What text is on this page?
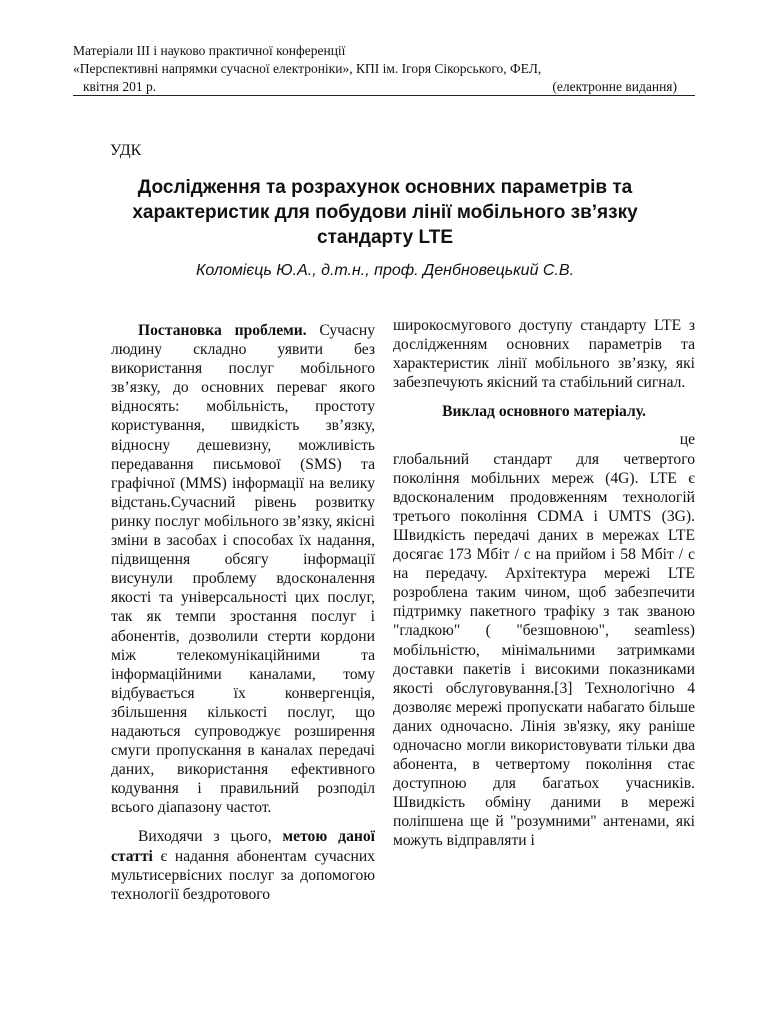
Матеріали ІІІ і науково практичної конференції
«Перспективні напрямки сучасної електроніки», КПІ ім. Ігоря Сікорського, ФЕЛ,
квітня 201 р.	(електронне видання)
УДК
Дослідження та розрахунок основних параметрів та характеристик для побудови лінії мобільного зв’язку стандарту LTE
Коломієць Ю.А., д.т.н., проф. Денбновецький С.В.

Постановка проблеми. Сучасну людину складно уявити без використання послуг мобільного зв’язку, до основних переваг якого відносять: мобільність, простоту користування, швидкість зв’язку, відносну дешевизну, можливість передавання письмової (SMS) та графічної (MMS) інформації на велику відстань.Сучасний рівень розвитку ринку послуг мобільного зв’язку, якісні зміни в засобах і способах їх надання, підвищення обсягу інформації висунули проблему вдосконалення якості та універсальності цих послуг, так як темпи зростання послуг і абонентів, дозволили стерти кордони між телекомунікаційними та інформаційними каналами, тому відбувається їх конвергенція, збільшення кількості послуг, що надаються супроводжує розширення смуги пропускання в каналах передачі даних, використання ефективного кодування і правильний розподіл всього діапазону частот.

Виходячи з цього, метою даної статті є надання абонентам сучасних мультисервісних послуг за допомогою технології бездротового

широкосмугового доступу стандарту LTE з дослідженням основних параметрів та характеристик лінії мобільного зв’язку, які забезпечують якісний та стабільний сигнал.

Виклад основного матеріалу.

це

глобальний стандарт для четвертого покоління мобільних мереж (4G). LTE є вдосконаленим продовженням технологій третього покоління CDMA і UMTS (3G). Швидкість передачі даних в мережах LTE досягає 173 Мбіт / с на прийом і 58 Мбіт / с на передачу. Архітектура мережі LTE розроблена таким чином, щоб забезпечити підтримку пакетного трафіку з так званою "гладкою" ( "безшовною", seamless) мобільністю, мінімальними затримками доставки пакетів і високими показниками якості обслуговування.[3] Технологічно 4 дозволяє мережі пропускати набагато більше даних одночасно. Лінія зв'язку, яку раніше одночасно могли використовувати тільки два абонента, в четвертому покоління стає доступною для багатьох учасників. Швидкість обміну даними в мережі поліпшена ще й "розумними" антенами, які можуть відправляти і
